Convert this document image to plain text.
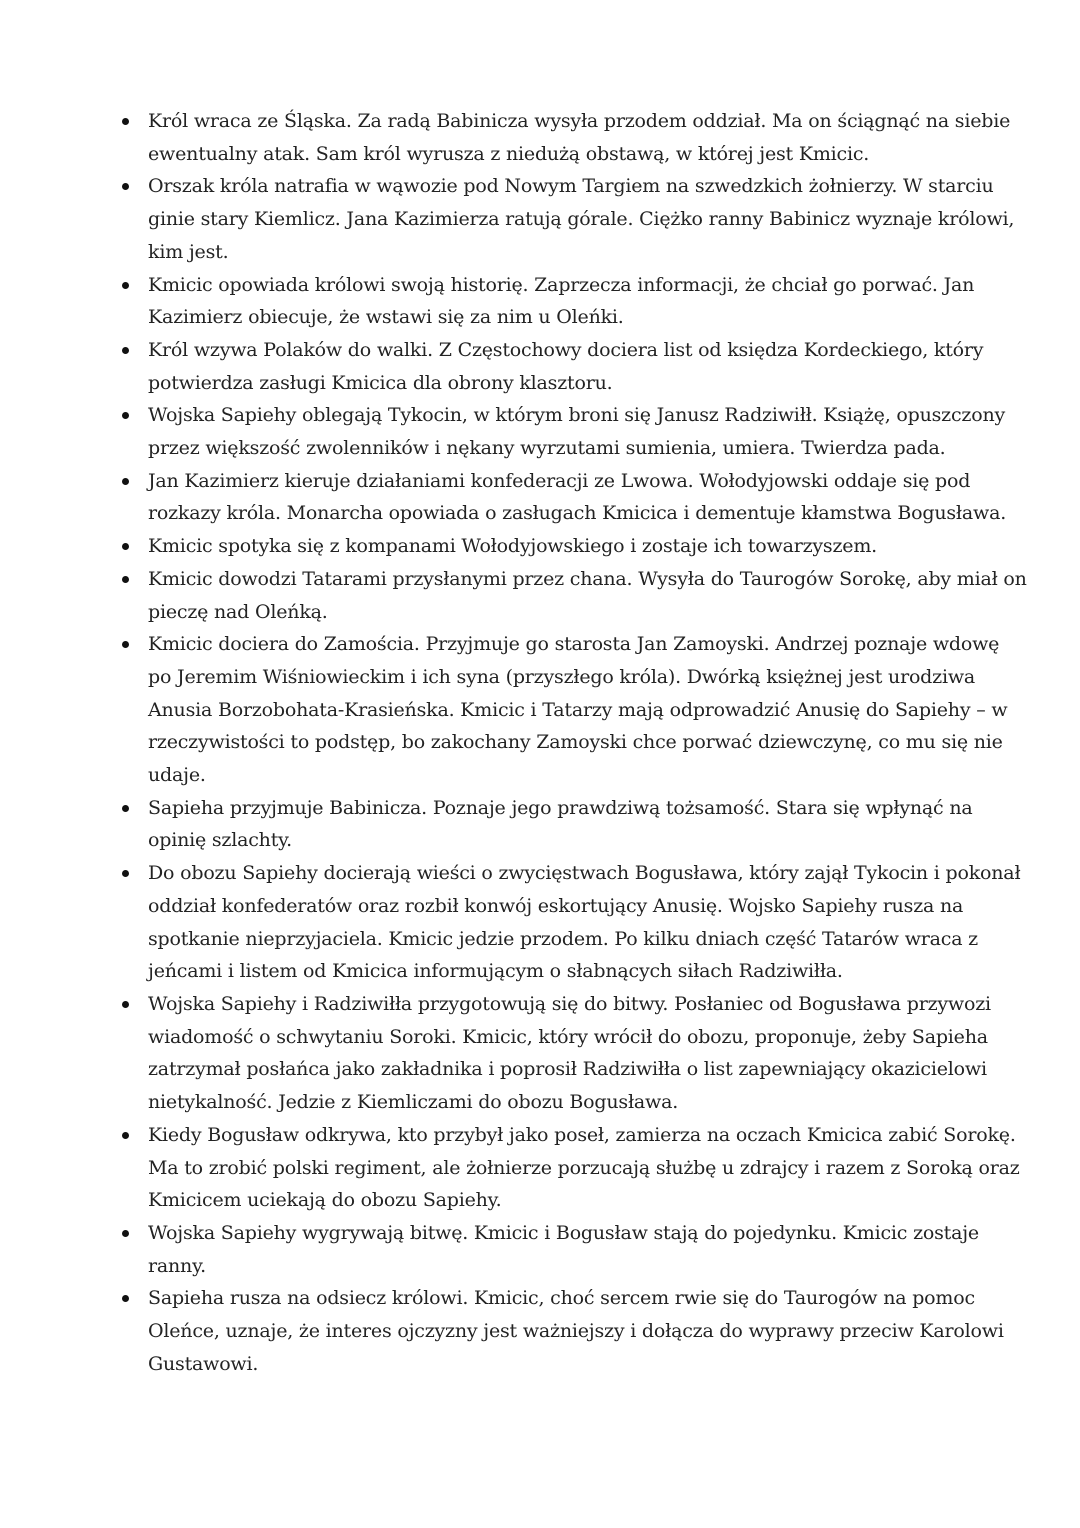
Król wraca ze Śląska. Za radą Babinicza wysyła przodem oddział. Ma on ściągnąć na siebie ewentualny atak. Sam król wyrusza z niedużą obstawą, w której jest Kmicic.
Orszak króla natrafia w wąwozie pod Nowym Targiem na szwedzkich żołnierzy. W starciu ginie stary Kiemlicz. Jana Kazimierza ratują górale. Ciężko ranny Babinicz wyznaje królowi, kim jest.
Kmicic opowiada królowi swoją historię. Zaprzecza informacji, że chciał go porwać. Jan Kazimierz obiecuje, że wstawi się za nim u Oleńki.
Król wzywa Polaków do walki. Z Częstochowy dociera list od księdza Kordeckiego, który potwierdza zasługi Kmicica dla obrony klasztoru.
Wojska Sapiehy oblegają Tykocin, w którym broni się Janusz Radziwiłł. Książę, opuszczony przez większość zwolenników i nękany wyrzutami sumienia, umiera. Twierdza pada.
Jan Kazimierz kieruje działaniami konfederacji ze Lwowa. Wołodyjowski oddaje się pod rozkazy króla. Monarcha opowiada o zasługach Kmicica i dementuje kłamstwa Bogusława.
Kmicic spotyka się z kompanami Wołodyjowskiego i zostaje ich towarzyszem.
Kmicic dowodzi Tatarami przysłanymi przez chana. Wysyła do Taurogów Sorokę, aby miał on pieczę nad Oleńką.
Kmicic dociera do Zamościa. Przyjmuje go starosta Jan Zamoyski. Andrzej poznaje wdowę po Jeremim Wiśniowieckim i ich syna (przyszłego króla). Dwórką księżnej jest urodziwa Anusia Borzobohata-Krasieńska. Kmicic i Tatarzy mają odprowadzić Anusię do Sapiehy – w rzeczywistości to podstęp, bo zakochany Zamoyski chce porwać dziewczynę, co mu się nie udaje.
Sapieha przyjmuje Babinicza. Poznaje jego prawdziwą tożsamość. Stara się wpłynąć na opinię szlachty.
Do obozu Sapiehy docierają wieści o zwycięstwach Bogusława, który zajął Tykocin i pokonał oddział konfederatów oraz rozbił konwój eskortujący Anusię. Wojsko Sapiehy rusza na spotkanie nieprzyjaciela. Kmicic jedzie przodem. Po kilku dniach część Tatarów wraca z jeńcami i listem od Kmicica informującym o słabnących siłach Radziwiłła.
Wojska Sapiehy i Radziwiłła przygotowują się do bitwy. Posłaniec od Bogusława przywozi wiadomość o schwytaniu Soroki. Kmicic, który wrócił do obozu, proponuje, żeby Sapieha zatrzymał posłańca jako zakładnika i poprosił Radziwiłła o list zapewniający okazicielowi nietykalność. Jedzie z Kiemliczami do obozu Bogusława.
Kiedy Bogusław odkrywa, kto przybył jako poseł, zamierza na oczach Kmicica zabić Sorokę. Ma to zrobić polski regiment, ale żołnierze porzucają służbę u zdrajcy i razem z Soroką oraz Kmicicem uciekają do obozu Sapiehy.
Wojska Sapiehy wygrywają bitwę. Kmicic i Bogusław stają do pojedynku. Kmicic zostaje ranny.
Sapieha rusza na odsiecz królowi. Kmicic, choć sercem rwie się do Taurogów na pomoc Oleńce, uznaje, że interes ojczyzny jest ważniejszy i dołącza do wyprawy przeciw Karolowi Gustawowi.
